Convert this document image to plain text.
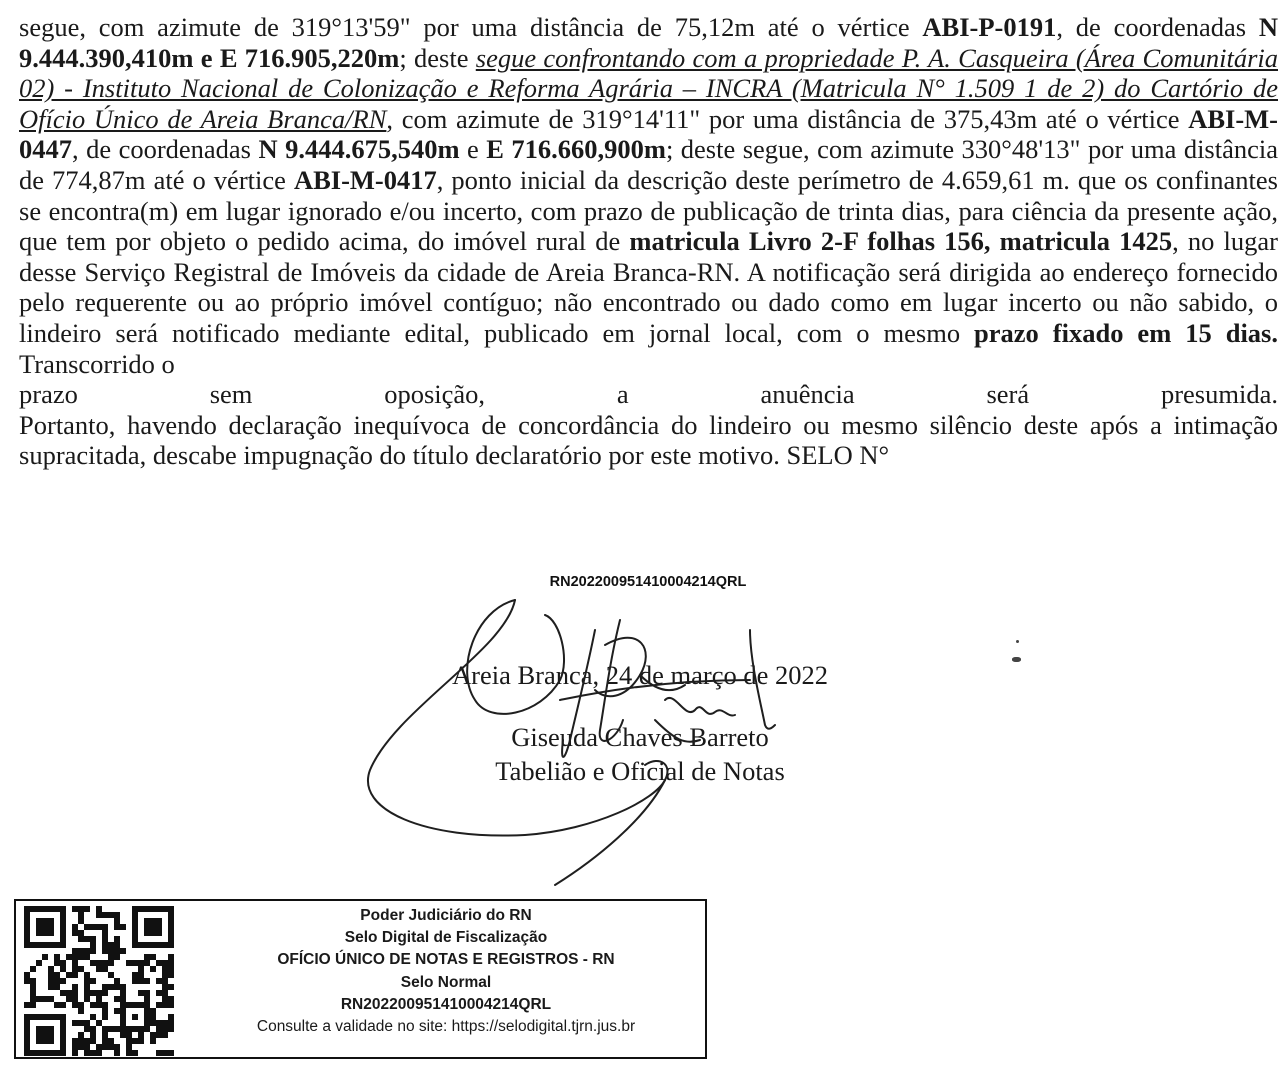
segue, com azimute de 319°13'59" por uma distância de 75,12m até o vértice ABI-P-0191, de coordenadas N 9.444.390,410m e E 716.905,220m; deste segue confrontando com a propriedade P. A. Casqueira (Área Comunitária 02) - Instituto Nacional de Colonização e Reforma Agrária – INCRA (Matricula N° 1.509 1 de 2) do Cartório de Ofício Único de Areia Branca/RN, com azimute de 319°14'11" por uma distância de 375,43m até o vértice ABI-M-0447, de coordenadas N 9.444.675,540m e E 716.660,900m; deste segue, com azimute 330°48'13" por uma distância de 774,87m até o vértice ABI-M-0417, ponto inicial da descrição deste perímetro de 4.659,61 m. que os confinantes se encontra(m) em lugar ignorado e/ou incerto, com prazo de publicação de trinta dias, para ciência da presente ação, que tem por objeto o pedido acima, do imóvel rural de matricula Livro 2-F folhas 156, matricula 1425, no lugar desse Serviço Registral de Imóveis da cidade de Areia Branca-RN. A notificação será dirigida ao endereço fornecido pelo requerente ou ao próprio imóvel contíguo; não encontrado ou dado como em lugar incerto ou não sabido, o lindeiro será notificado mediante edital, publicado em jornal local, com o mesmo prazo fixado em 15 dias. Transcorrido o
prazo	sem	oposição,	a	anuência	será	presumida.
Portanto, havendo declaração inequívoca de concordância do lindeiro ou mesmo silêncio deste após a intimação supracitada, descabe impugnação do título declaratório por este motivo. SELO N°
RN202200951410004214QRL
Areia Branca, 24 de março de 2022
Giseuda Chaves Barreto
Tabelião e Oficial de Notas
Poder Judiciário do RN
Selo Digital de Fiscalização
OFÍCIO ÚNICO DE NOTAS E REGISTROS - RN
Selo Normal
RN202200951410004214QRL
Consulte a validade no site: https://selodigital.tjrn.jus.br
